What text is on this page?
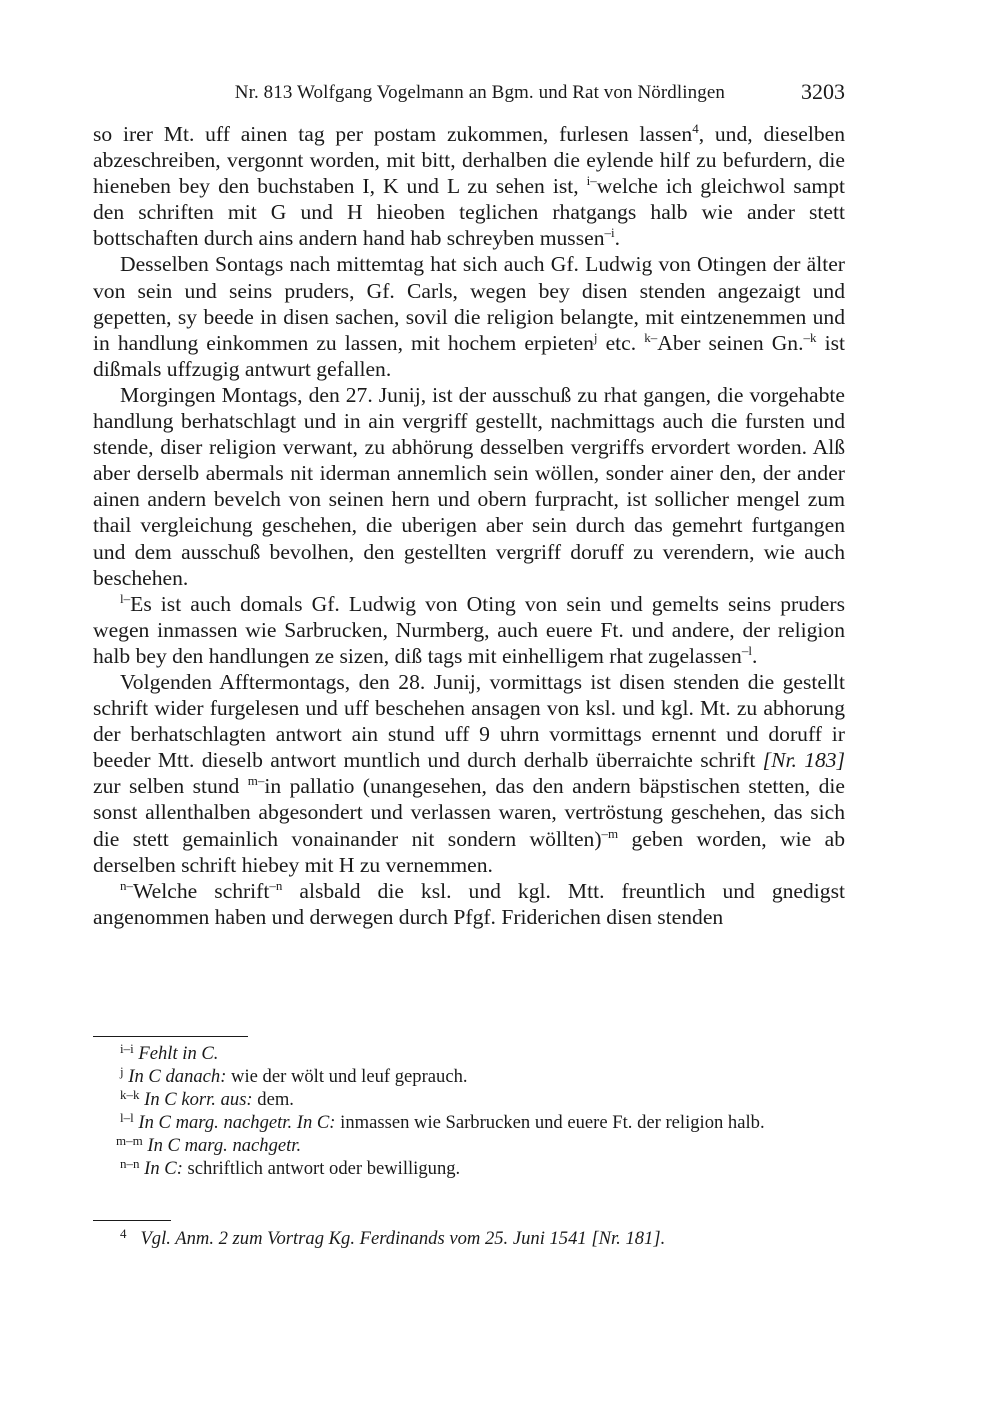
Nr. 813 Wolfgang Vogelmann an Bgm. und Rat von Nördlingen	3203

so irer Mt. uff ainen tag per postam zukommen, furlesen lassen$^4$, und, dieselben abzeschreiben, vergonnt worden, mit bitt, derhalben die eylende hilf zu befurdern, die hieneben bey den buchstaben I, K und L zu sehen ist, $^{i-}$welche ich gleichwol sampt den schriften mit G und H hieoben teglichen rhatgangs halb wie ander stett bottschaften durch ains andern hand hab schreyben mussen$^{-i}$.

Desselben Sontags nach mittemtag hat sich auch Gf. Ludwig von Otingen der älter von sein und seins pruders, Gf. Carls, wegen bey disen stenden angezaigt und gepetten, sy beede in disen sachen, sovil die religion belangte, mit eintzenemmen und in handlung einkommen zu lassen, mit hochem erpieten$^j$ etc. $^{k-}$Aber seinen Gn.$^{-k}$ ist dißmals uffzugig antwurt gefallen.

Morgingen Montags, den 27. Junij, ist der ausschuß zu rhat gangen, die vorgehabte handlung berhatschlagt und in ain vergriff gestellt, nachmittags auch die fursten und stende, diser religion verwant, zu abhörung desselben vergriffs ervordert worden. Alß aber derselb abermals nit iderman annemlich sein wöllen, sonder ainer den, der ander ainen andern bevelch von seinen hern und obern furpracht, ist sollicher mengel zum thail vergleichung geschehen, die uberigen aber sein durch das gemehrt furtgangen und dem ausschuß bevolhen, den gestellten vergriff doruff zu verendern, wie auch beschehen.

$^{l-}$Es ist auch domals Gf. Ludwig von Oting von sein und gemelts seins pruders wegen inmassen wie Sarbrucken, Nurmberg, auch euere Ft. und andere, der religion halb bey den handlungen ze sizen, diß tags mit einhelligem rhat zugelassen$^{-l}$.

Volgenden Afftermontags, den 28. Junij, vormittags ist disen stenden die gestellt schrift wider furgelesen und uff beschehen ansagen von ksl. und kgl. Mt. zu abhorung der berhatschlagten antwort ain stund uff 9 uhrn vormittags ernennt und doruff ir beeder Mtt. dieselb antwort muntlich und durch derhalb überraichte schrift [Nr. 183] zur selben stund $^{m-}$in pallatio (unangesehen, das den andern bäpstischen stetten, die sonst allenthalben abgesondert und verlassen waren, vertröstung geschehen, das sich die stett gemainlich vonainander nit sondern wöllten)$^{-m}$ geben worden, wie ab derselben schrift hiebey mit H zu vernemmen.

$^{n-}$Welche schrift$^{-n}$ alsbald die ksl. und kgl. Mtt. freuntlich und gnedigst angenommen haben und derwegen durch Pfgf. Friderichen disen stenden

$^{i-i}$ Fehlt in C.

$^j$ In C danach: wie der wölt und leuf geprauch.

$^{k-k}$ In C korr. aus: dem.

$^{l-l}$ In C marg. nachgetr. In C: inmassen wie Sarbrucken und euere Ft. der religion halb.

$^{m-m}$ In C marg. nachgetr.

$^{n-n}$ In C: schriftlich antwort oder bewilligung.

$^4$ Vgl. Anm. 2 zum Vortrag Kg. Ferdinands vom 25. Juni 1541 [Nr. 181].
